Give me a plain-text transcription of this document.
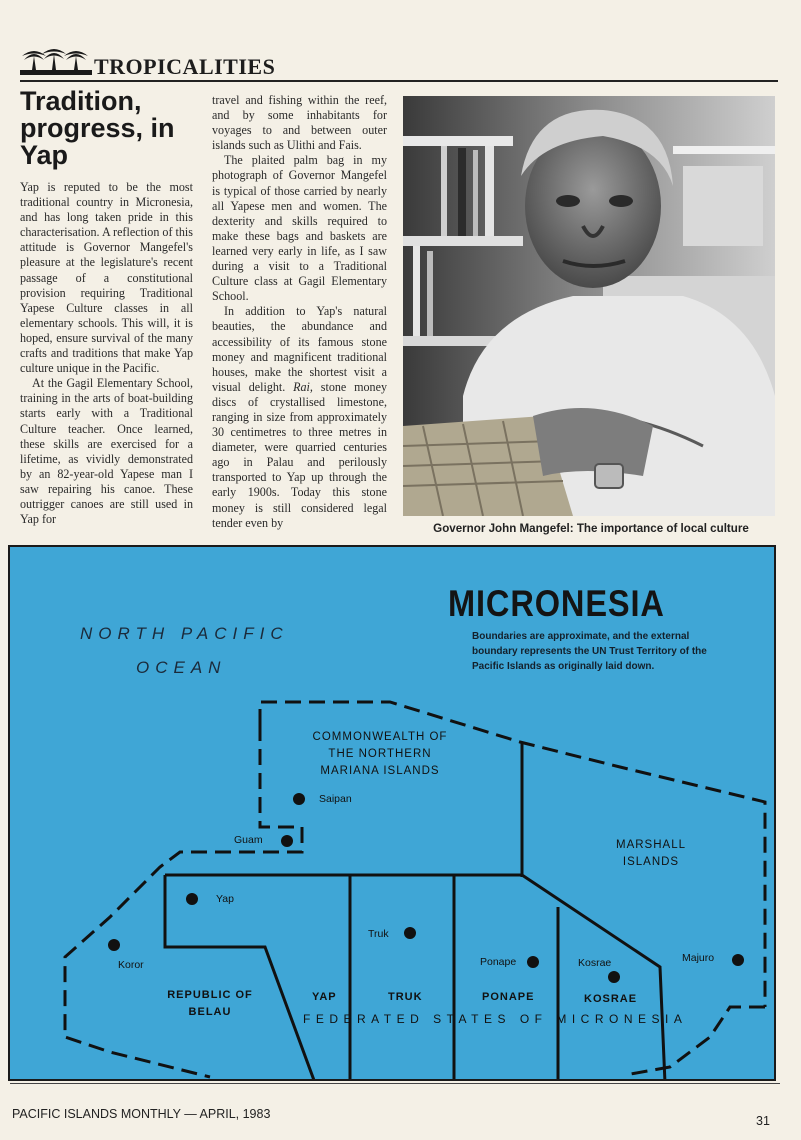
TROPICALITIES
Tradition, progress, in Yap

Yap is reputed to be the most traditional country in Micronesia, and has long taken pride in this characterisation. A reflection of this attitude is Governor Mangefel's pleasure at the legislature's recent passage of a constitutional provision requiring Traditional Yapese Culture classes in all elementary schools. This will, it is hoped, ensure survival of the many crafts and traditions that make Yap culture unique in the Pacific.

At the Gagil Elementary School, training in the arts of boat-building starts early with a Traditional Culture teacher. Once learned, these skills are exercised for a lifetime, as vividly demonstrated by an 82-year-old Yapese man I saw repairing his canoe. These outrigger canoes are still used in Yap for

travel and fishing within the reef, and by some inhabitants for voyages to and between outer islands such as Ulithi and Fais.

The plaited palm bag in my photograph of Governor Mangefel is typical of those carried by nearly all Yapese men and women. The dexterity and skills required to make these bags and baskets are learned very early in life, as I saw during a visit to a Traditional Culture class at Gagil Elementary School.

In addition to Yap's natural beauties, the abundance and accessibility of its famous stone money and magnificent traditional houses, make the shortest visit a visual delight. Rai, stone money discs of crystallised limestone, ranging in size from approximately 30 centimetres to three metres in diameter, were quarried centuries ago in Palau and perilously transported to Yap up through the early 1900s. Today this stone money is still considered legal tender even by	Governor John Mangefel: The importance of local culture
MICRONESIA
Boundaries are approximate, and the external boundary represents the UN Trust Territory of the Pacific Islands as originally laid down.
NORTH PACIFIC
OCEAN
COMMONWEALTH OF
THE NORTHERN
MARIANA ISLANDS
MARSHALL
ISLANDS
REPUBLIC OF
BELAU
Saipan
Guam
Yap
Koror
Truk
Ponape	Kosrae	Majuro
YAP	TRUK	PONAPE	KOSRAE
FEDERATED STATES OF MICRONESIA
PACIFIC ISLANDS MONTHLY — APRIL, 1983	31
